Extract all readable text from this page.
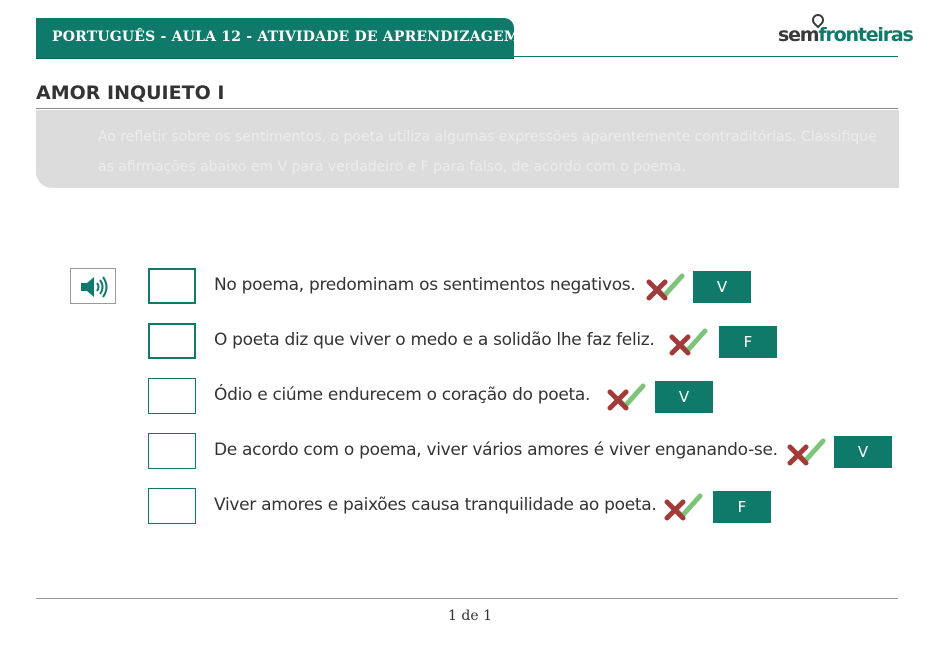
PORTUGUÊS - AULA 12 - ATIVIDADE DE APRENDIZAGEM	semfronteiras
AMOR INQUIETO I

Ao refletir sobre os sentimentos, o poeta utiliza algumas expressões aparentemente contraditórias. Classifique as afirmações abaixo em V para verdadeiro e F para falso, de acordo com o poema.

No poema, predominam os sentimentos negativos.	V
O poeta diz que viver o medo e a solidão lhe faz feliz.	F
Ódio e ciúme endurecem o coração do poeta.	V
De acordo com o poema, viver vários amores é viver enganando-se.	V
Viver amores e paixões causa tranquilidade ao poeta.	F
1 de 1
